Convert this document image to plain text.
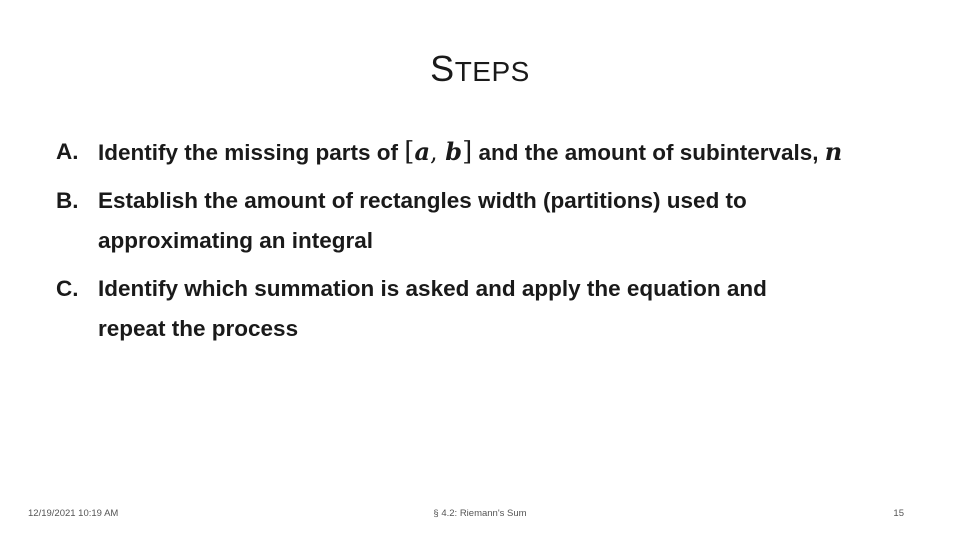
STEPS
A. Identify the missing parts of [a, b] and the amount of subintervals, n
B. Establish the amount of rectangles width (partitions) used to approximating an integral
C. Identify which summation is asked and apply the equation and repeat the process
12/19/2021 10:19 AM	§ 4.2: Riemann's Sum	15
